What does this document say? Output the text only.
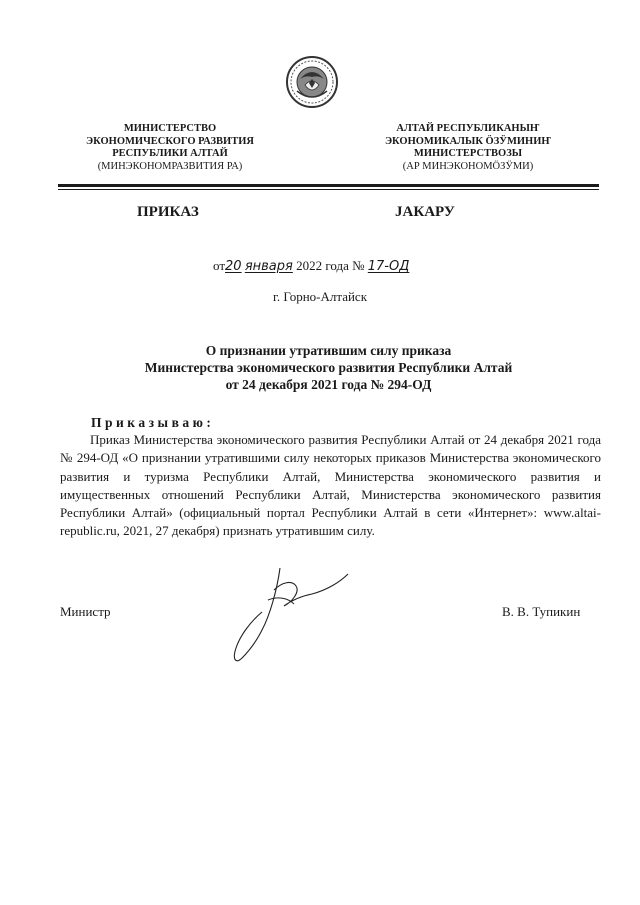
МИНИСТЕРСТВО
ЭКОНОМИЧЕСКОГО РАЗВИТИЯ
РЕСПУБЛИКИ АЛТАЙ
(МИНЭКОНОМРАЗВИТИЯ РА)
АЛТАЙ РЕСПУБЛИКАНЫҤ
ЭКОНОМИКАЛЫК ÖЗӰМИНИҤ
МИНИСТЕРСТВОЗЫ
(АР МИНЭКОНОМÖЗӰМИ)
ПРИКАЗ	JАКАРУ
от20 января 2022 года № 17-ОД
г. Горно-Алтайск
О признании утратившим силу приказа
Министерства экономического развития Республики Алтай
от 24 декабря 2021 года № 294-ОД
Приказываю:

Приказ Министерства экономического развития Республики Алтай от 24 декабря 2021 года № 294-ОД «О признании утратившими силу некоторых приказов Министерства экономического развития и туризма Республики Алтай, Министерства экономического развития и имущественных отношений Республики Алтай, Министерства экономического развития Республики Алтай» (официальный портал Республики Алтай в сети «Интернет»: www.altai-republic.ru, 2021, 27 декабря) признать утратившим силу.

Министр	В. В. Тупикин
